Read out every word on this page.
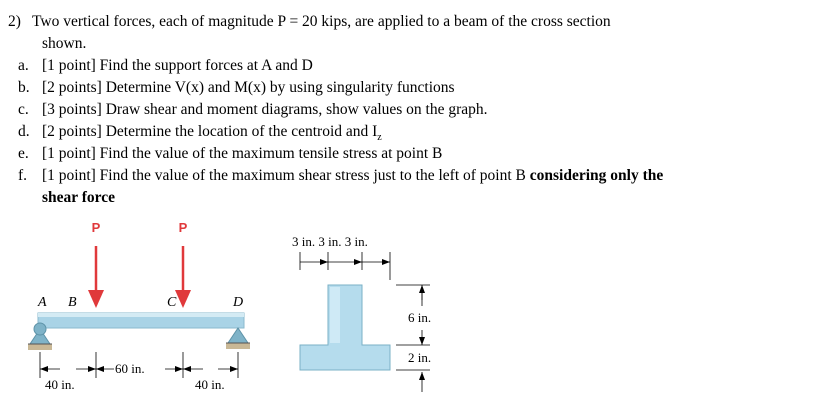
2) Two vertical forces, each of magnitude P = 20 kips, are applied to a beam of the cross section
shown.
a. [1 point] Find the support forces at A and D
b. [2 points] Determine V(x) and M(x) by using singularity functions
c. [3 points] Draw shear and moment diagrams, show values on the graph.
d. [2 points] Determine the location of the centroid and $I_z$
e. [1 point] Find the value of the maximum tensile stress at point B
f. [1 point] Find the value of the maximum shear stress just to the left of point B considering only the
shear force
P	P
A B	C	D
60 in.
40 in.	40 in.
3 in. 3 in. 3 in.
6 in.
2 in.
